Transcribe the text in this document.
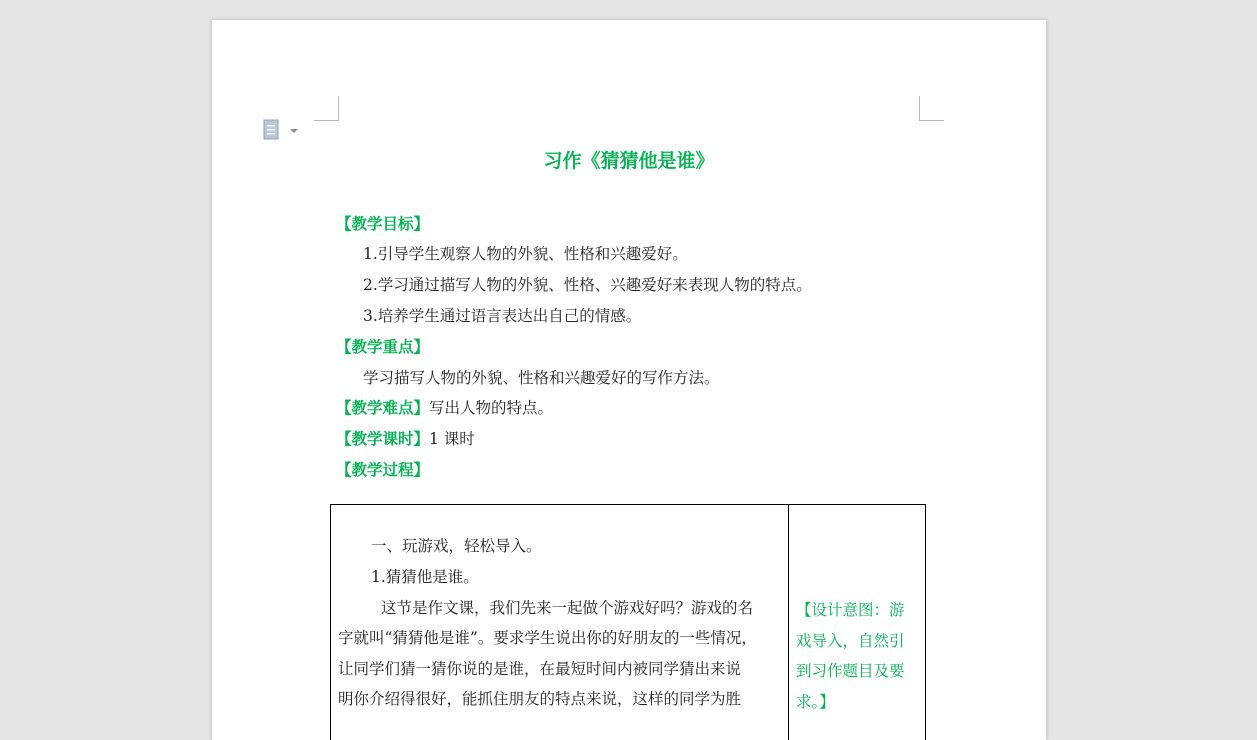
习作《猜猜他是谁》
【教学目标】
1.引导学生观察人物的外貌、性格和兴趣爱好。
2.学习通过描写人物的外貌、性格、兴趣爱好来表现人物的特点。
3.培养学生通过语言表达出自己的情感。
【教学重点】
学习描写人物的外貌、性格和兴趣爱好的写作方法。
【教学难点】写出人物的特点。
【教学课时】1 课时
【教学过程】
一、玩游戏，轻松导入。
1.猜猜他是谁。
这节是作文课，我们先来一起做个游戏好吗？游戏的名
字就叫“猜猜他是谁”。要求学生说出你的好朋友的一些情况，
让同学们猜一猜你说的是谁，在最短时间内被同学猜出来说
明你介绍得很好，能抓住朋友的特点来说，这样的同学为胜
【设计意图：游戏导入，自然引到习作题目及要求。】
